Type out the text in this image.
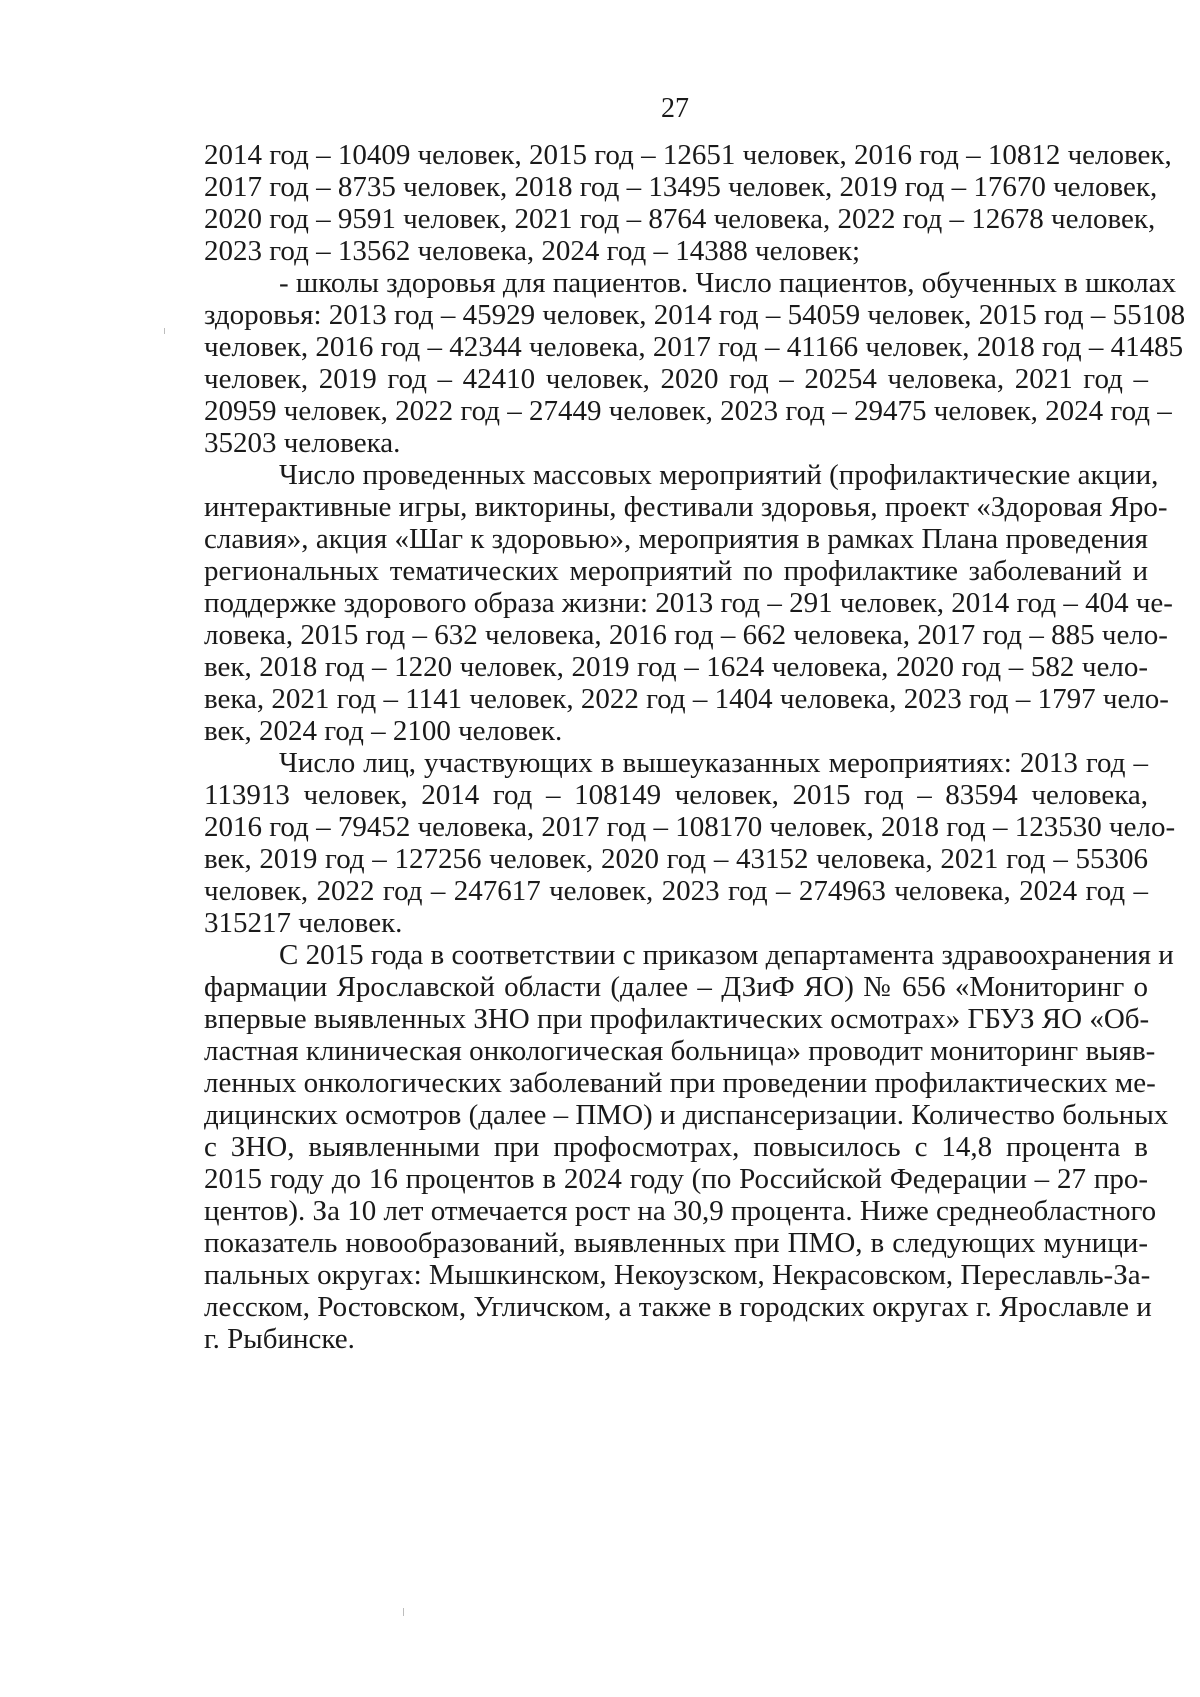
27
2014 год – 10409 человек, 2015 год – 12651 человек, 2016 год – 10812 человек,
2017 год – 8735 человек, 2018 год – 13495 человек, 2019 год – 17670 человек,
2020 год – 9591 человек, 2021 год – 8764 человека, 2022 год – 12678 человек,
2023 год – 13562 человека, 2024 год – 14388 человек;
- школы здоровья для пациентов. Число пациентов, обученных в школах
здоровья: 2013 год – 45929 человек, 2014 год – 54059 человек, 2015 год – 55108
человек, 2016 год – 42344 человека, 2017 год – 41166 человек, 2018 год – 41485
человек, 2019 год – 42410 человек, 2020 год – 20254 человека, 2021 год –
20959 человек, 2022 год – 27449 человек, 2023 год – 29475 человек, 2024 год –
35203 человека.
Число проведенных массовых мероприятий (профилактические акции,
интерактивные игры, викторины, фестивали здоровья, проект «Здоровая Яро-
славия», акция «Шаг к здоровью», мероприятия в рамках Плана проведения
региональных тематических мероприятий по профилактике заболеваний и
поддержке здорового образа жизни: 2013 год – 291 человек, 2014 год – 404 че-
ловека, 2015 год – 632 человека, 2016 год – 662 человека, 2017 год – 885 чело-
век, 2018 год – 1220 человек, 2019 год – 1624 человека, 2020 год – 582 чело-
века, 2021 год – 1141 человек, 2022 год – 1404 человека, 2023 год – 1797 чело-
век, 2024 год – 2100 человек.
Число лиц, участвующих в вышеуказанных мероприятиях: 2013 год –
113913 человек, 2014 год – 108149 человек, 2015 год – 83594 человека,
2016 год – 79452 человека, 2017 год – 108170 человек, 2018 год – 123530 чело-
век, 2019 год – 127256 человек, 2020 год – 43152 человека, 2021 год – 55306
человек, 2022 год – 247617 человек, 2023 год – 274963 человека, 2024 год –
315217 человек.
С 2015 года в соответствии с приказом департамента здравоохранения и
фармации Ярославской области (далее – ДЗиФ ЯО) № 656 «Мониторинг о
впервые выявленных ЗНО при профилактических осмотрах» ГБУЗ ЯО «Об-
ластная клиническая онкологическая больница» проводит мониторинг выяв-
ленных онкологических заболеваний при проведении профилактических ме-
дицинских осмотров (далее – ПМО) и диспансеризации. Количество больных
с ЗНО, выявленными при профосмотрах, повысилось с 14,8 процента в
2015 году до 16 процентов в 2024 году (по Российской Федерации – 27 про-
центов). За 10 лет отмечается рост на 30,9 процента. Ниже среднеобластного
показатель новообразований, выявленных при ПМО, в следующих муници-
пальных округах: Мышкинском, Некоузском, Некрасовском, Переславль-За-
лесском, Ростовском, Угличском, а также в городских округах г. Ярославле и
г. Рыбинске.
